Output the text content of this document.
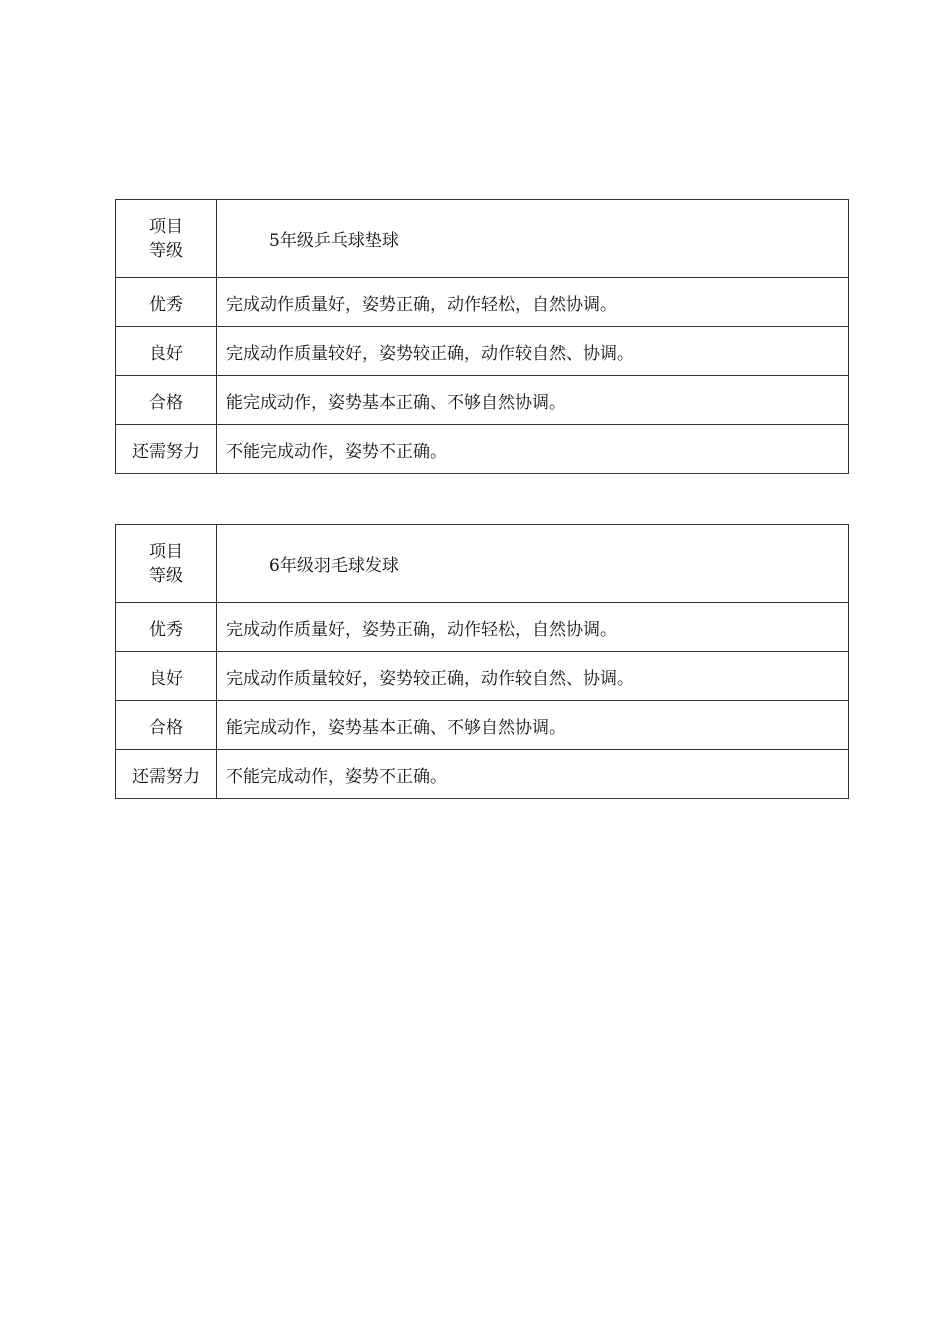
项目
等级	5年级乒乓球垫球
优秀	完成动作质量好，姿势正确，动作轻松，自然协调。
良好	完成动作质量较好，姿势较正确，动作较自然、协调。
合格	能完成动作，姿势基本正确、不够自然协调。
还需努力	不能完成动作，姿势不正确。
项目
等级	6年级羽毛球发球
优秀	完成动作质量好，姿势正确，动作轻松，自然协调。
良好	完成动作质量较好，姿势较正确，动作较自然、协调。
合格	能完成动作，姿势基本正确、不够自然协调。
还需努力	不能完成动作，姿势不正确。
